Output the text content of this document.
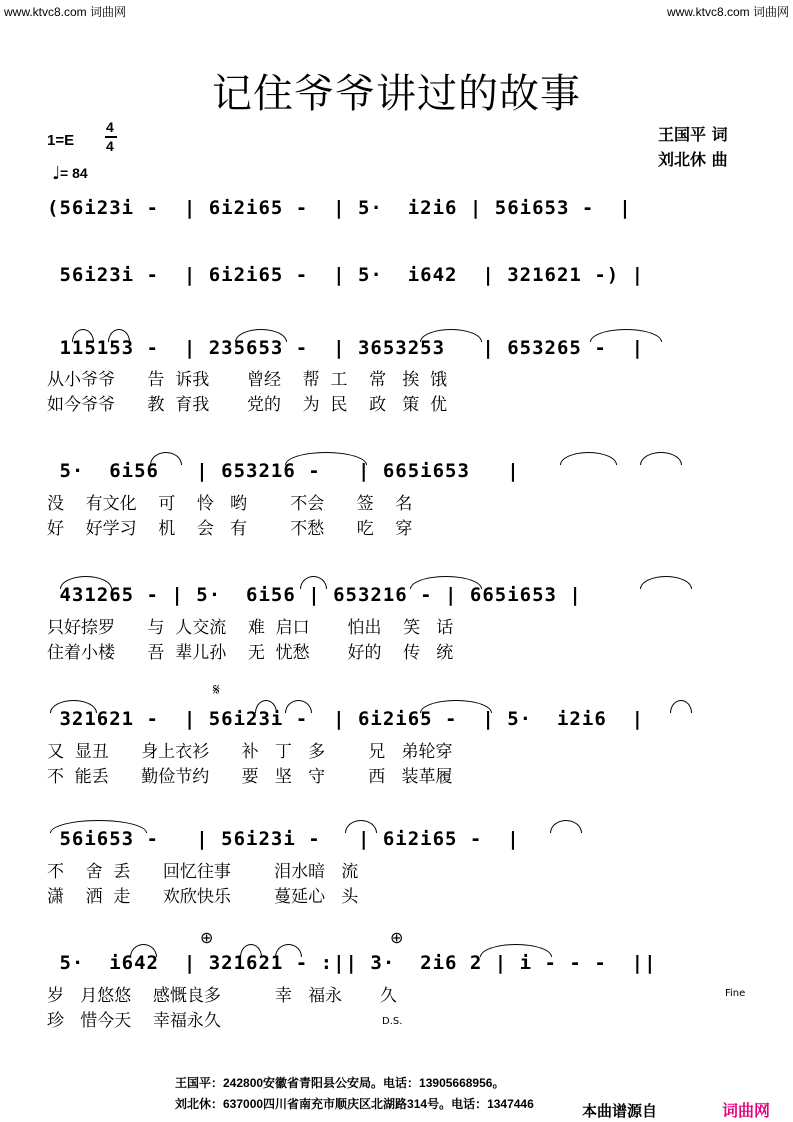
www.ktvc8.com 词曲网	www.ktvc8.com 词曲网
记住爷爷讲过的故事
1=E
4
4
♩ = 84
王国平 词
刘北休 曲
(56i23i -  | 6i2i65 -  | 5·  i2i6 | 56i653 -  |
56i23i -  | 6i2i65 -  | 5·  i642  | 321621 -) |
115153 -  | 235653 -  | 3653253   | 653265 -  |
从小爷爷      告  诉我       曾经    帮  工    常   挨  饿
如今爷爷      教  育我       党的    为  民    政   策  优
5·  6i56   | 653216 -   | 665i653   |
没    有文化    可    怜   哟        不会      签    名
好    好学习    机    会   有        不愁      吃    穿
431265 - | 5·  6i56 | 653216 - | 665i653 |
只好捺罗      与  人交流    难  启口       怕出    笑   话
住着小楼      吾  辈儿孙    无  忧愁       好的    传   统
𝄋
321621 -  | 56i23i -  | 6i2i65 -  | 5·  i2i6  |
又  显丑      身上衣衫      补   丁   多        兄   弟轮穿
不  能丢      勤俭节约      要   坚   守        西   装革履
56i653 -   | 56i23i -   | 6i2i65 -  |
不    舍  丢      回忆往事        泪水暗   流
潇    洒  走      欢欣快乐        蔓延心   头
⊕	⊕
5·  i642  | 321621 - :|| 3·  2i6 2 | i - - -  ||
岁   月悠悠    感慨良多          幸   福永       久
珍   惜今天    幸福永久
Fine
D.S.
王国平：242800安徽省青阳县公安局。电话：13905668956。
刘北休：637000四川省南充市顺庆区北湖路314号。电话：1347446	本曲谱源自	词曲网
